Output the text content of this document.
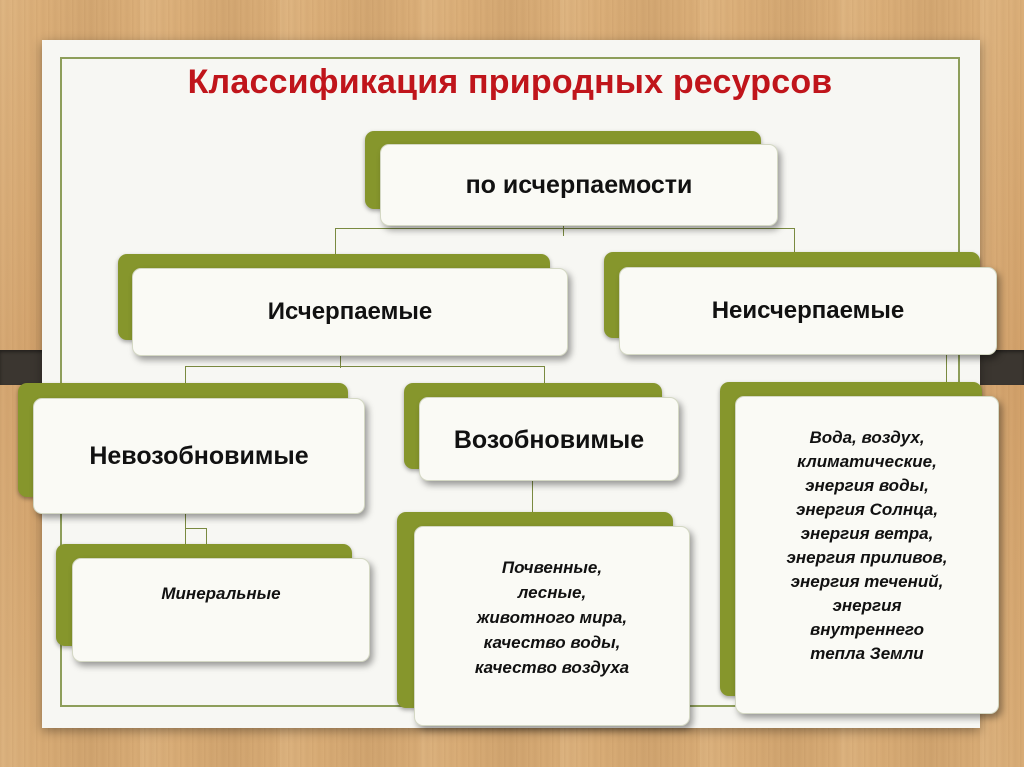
Классификация природных ресурсов
по исчерпаемости
Исчерпаемые	Неисчерпаемые
Невозобновимые
Возобновимые	Вода, воздух,
климатические,
энергия воды,
энергия Солнца,
энергия ветра,
энергия приливов,
энергия течений,
энергия
внутреннего
тепла Земли
Минеральные
Почвенные,
лесные,
животного мира,
качество воды,
качество воздуха
